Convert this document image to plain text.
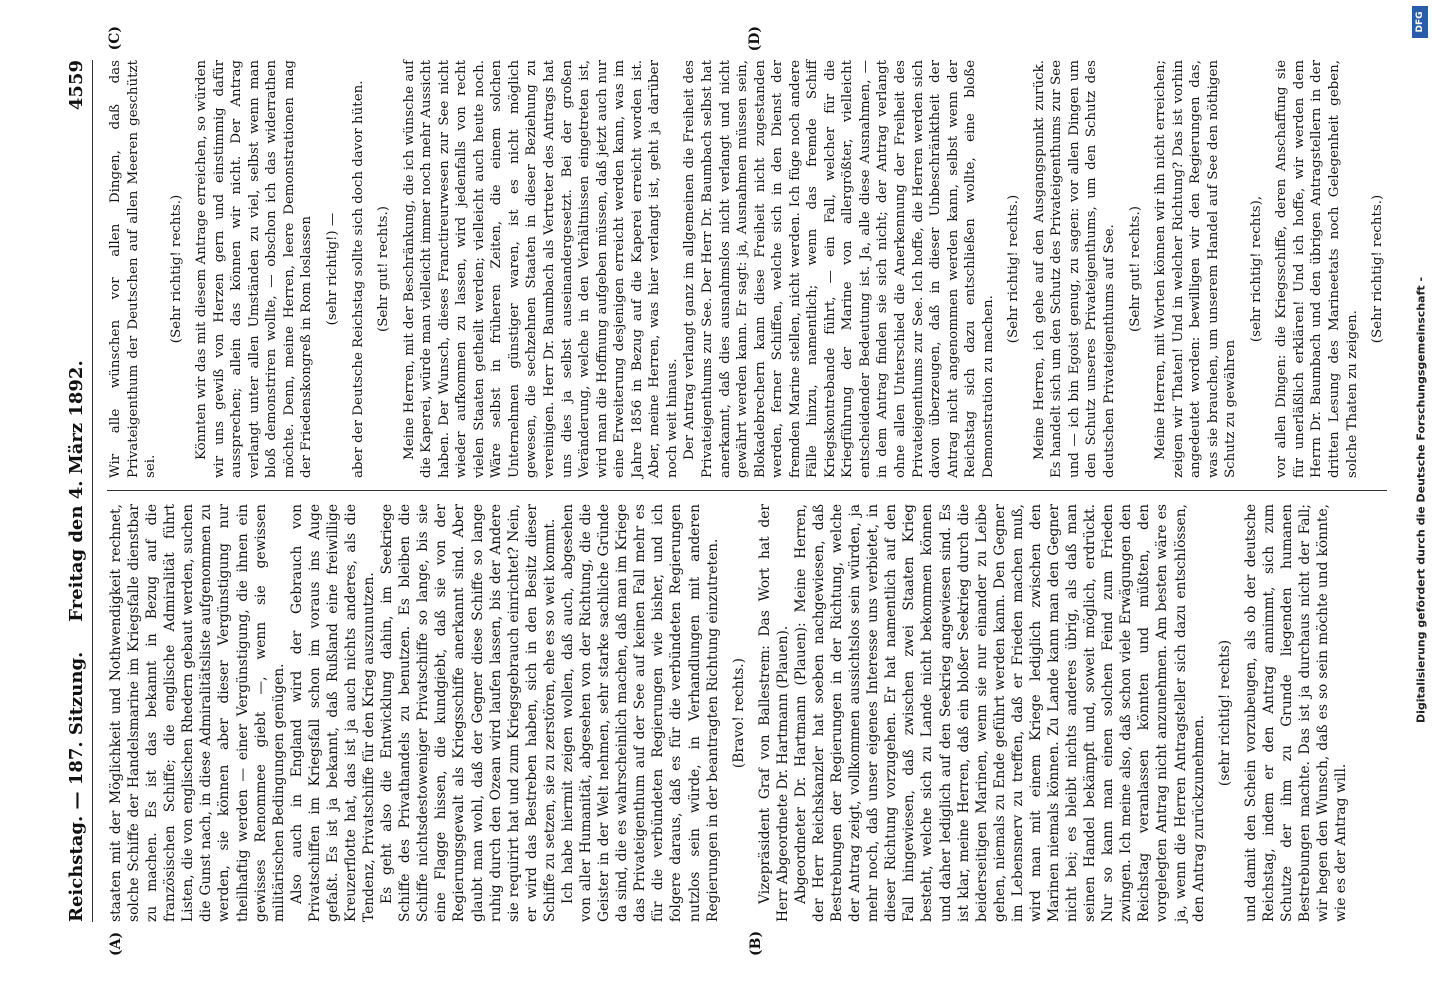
Reichstag. — 187. Sitzung.
Freitag den 4. März 1892.
4559
(A)	(B)

staaten mit der Möglichkeit und Nothwendigkeit rechnet, solche Schiffe der Handelsmarine im Kriegsfalle dienstbar zu machen. Es ist das bekannt in Bezug auf die französischen Schiffe; die englische Admiralität führt Listen, die von englischen Rhedern gebaut werden, suchen die Gunst nach, in diese Admiralitätsliste aufgenommen zu werden, sie können aber dieser Vergünstigung nur theilhaftig werden — einer Vergünstigung, die ihnen ein gewisses Renommee giebt —, wenn sie gewissen militärischen Bedingungen genügen. Also auch in England wird der Gebrauch von Privatschiffen im Kriegsfall schon im voraus ins Auge gefaßt. Es ist ja bekannt, daß Rußland eine freiwillige Kreuzerflotte hat, das ist ja auch nichts anderes, als die Tendenz, Privatschiffe für den Krieg auszunutzen. Es geht also die Entwicklung dahin, im Seekriege Schiffe des Privathandels zu benutzen. Es bleiben die Schiffe nichtsdestoweniger Privatschiffe so lange, bis sie eine Flagge hissen, die kundgiebt, daß sie von der Regierungsgewalt als Kriegsschiffe anerkannt sind. Aber glaubt man wohl, daß der Gegner diese Schiffe so lange ruhig durch den Ozean wird laufen lassen, bis der Andere sie requirirt hat und zum Kriegsgebrauch einrichtet? Nein, er wird das Bestreben haben, sich in den Besitz dieser Schiffe zu setzen, sie zu zerstören, ehe es so weit kommt. Ich habe hiermit zeigen wollen, daß auch, abgesehen von aller Humanität, abgesehen von der Richtung, die die Geister in der Welt nehmen, sehr starke sachliche Gründe da sind, die es wahrscheinlich machen, daß man im Kriege das Privateigenthum auf der See auf keinen Fall mehr es für die verbündeten Regierungen wie bisher, und ich folgere daraus, daß es für die verbündeten Regierungen nutzlos sein würde, in Verhandlungen mit anderen Regierungen in der beantragten Richtung einzutreten. (Bravo! rechts.) Vizepräsident Graf von Ballestrem: Das Wort hat der Herr Abgeordnete Dr. Hartmann (Plauen). Abgeordneter Dr. Hartmann (Plauen): Meine Herren, der Herr Reichskanzler hat soeben nachgewiesen, daß Bestrebungen der Regierungen in der Richtung, welche der Antrag zeigt, vollkommen aussichtslos sein würden, ja mehr noch, daß unser eigenes Interesse uns verbietet, in dieser Richtung vorzugehen. Er hat namentlich auf den Fall hingewiesen, daß zwischen zwei Staaten Krieg besteht, welche sich zu Lande nicht bekommen können und daher lediglich auf den Seekrieg angewiesen sind. Es ist klar, meine Herren, daß ein bloßer Seekrieg durch die beiderseitigen Marinen, wenn sie nur einander zu Leibe gehen, niemals zu Ende geführt werden kann. Den Gegner im Lebensnerv zu treffen, daß er Frieden machen muß, wird man mit einem Kriege lediglich zwischen den Marinen niemals können. Zu Lande kann man den Gegner nicht bei; es bleibt nichts anderes übrig, als daß man seinen Handel bekämpft und, soweit möglich, erdrückt. Nur so kann man einen solchen Feind zum Frieden zwingen. Ich meine also, daß schon viele Erwägungen den Reichstag veranlassen könnten und müßten, den vorgelegten Antrag nicht anzunehmen. Am besten wäre es ja, wenn die Herren Antragsteller sich dazu entschlössen, den Antrag zurückzunehmen.

(sehr richtig! rechts) und damit den Schein vorzubeugen, als ob der deutsche Reichstag, indem er den Antrag annimmt, sich zum Schutze der ihm zu Grunde liegenden humanen Bestrebungen machte. Das ist ja durchaus nicht der Fall; wir hegen den Wunsch, daß es so sein möchte und könnte, wie es der Antrag will.

(C)	(D)

Wir alle wünschen vor allen Dingen, daß das Privateigenthum der Deutschen auf allen Meeren geschützt sei.

(Sehr richtig! rechts.) Könnten wir das mit diesem Antrage erreichen, so würden wir uns gewiß von Herzen gern und einstimmig dafür aussprechen; allein das können wir nicht. Der Antrag verlangt unter allen Umständen zu viel, selbst wenn man bloß demonstriren wollte, — obschon ich das widerrathen möchte. Denn, meine Herren, leere Demonstrationen mag der Friedenskongreß in Rom loslassen (sehr richtig!) — aber der Deutsche Reichstag sollte sich doch davor hüten. (Sehr gut! rechts.) Meine Herren, mit der Beschränkung, die ich wünsche auf die Kaperei, würde man vielleicht immer noch mehr Aussicht haben. Der Wunsch, dieses Franctireurwesen zur See nicht wieder aufkommen zu lassen, wird jedenfalls von recht vielen Staaten getheilt werden; vielleicht auch heute noch. Wäre selbst in früheren Zeiten, die einem solchen Unternehmen günstiger waren, ist es nicht möglich gewesen, die sechzehnen Staaten in dieser Beziehung zu vereinigen. Herr Dr. Baumbach als Vertreter des Antrags hat uns dies ja selbst auseinandergesetzt. Bei der großen Veränderung, welche in den Verhältnissen eingetreten ist, wird man die Hoffnung aufgeben müssen, daß jetzt auch nur eine Erweiterung desjenigen erreicht werden kann, was im Jahre 1856 in Bezug auf die Kaperei erreicht worden ist. Aber, meine Herren, was hier verlangt ist, geht ja darüber noch weit hinaus. Der Antrag verlangt ganz im allgemeinen die Freiheit des Privateigenthums zur See. Der Herr Dr. Baumbach selbst hat anerkannt, daß dies ausnahmslos nicht verlangt und nicht gewährt werden kann. Er sagt: ja, Ausnahmen müssen sein, Blokadebrechern kann diese Freiheit nicht zugestanden werden, ferner Schiffen, welche sich in den Dienst der fremden Marine stellen, nicht werden. Ich füge noch andere Fälle hinzu, namentlich; wenn das fremde Schiff Kriegskontrebande führt, — ein Fall, welcher für die Kriegführung der Marine von allergrößter, vielleicht entscheidender Bedeutung ist. Ja, alle diese Ausnahmen, — in dem Antrag finden sie sich nicht; der Antrag verlangt ohne allen Unterschied die Anerkennung der Freiheit des Privateigenthums zur See. Ich hoffe, die Herren werden sich davon überzeugen, daß in dieser Unbeschränktheit der Antrag nicht angenommen werden kann, selbst wenn der Reichstag sich dazu entschließen wollte, eine bloße Demonstration zu machen.

(Sehr richtig! rechts.) Meine Herren, ich gehe auf den Ausgangspunkt zurück. Es handelt sich um den Schutz des Privateigenthums zur See und — ich bin Egoist genug, zu sagen: vor allen Dingen um den Schutz unseres Privateigenthums, um den Schutz des deutschen Privateigenthums auf See. (Sehr gut! rechts.) Meine Herren, mit Worten können wir ihn nicht erreichen; zeigen wir Thaten! Und in welcher Richtung? Das ist vorhin angedeutet worden: bewilligen wir den Regierungen das, was sie brauchen, um unserem Handel auf See den nöthigen Schutz zu gewähren

(sehr richtig! rechts), vor allen Dingen: die Kriegsschiffe, deren Anschaffung sie für unerläßlich erklären! Und ich hoffe, wir werden dem Herrn Dr. Baumbach und den übrigen Antragstellern in der dritten Lesung des Marineetats noch Gelegenheit geben, solche Thaten zu zeigen.

(Sehr richtig! rechts.)

Digitalisierung gefördert durch die Deutsche Forschungsgemeinschaft -
DFG
